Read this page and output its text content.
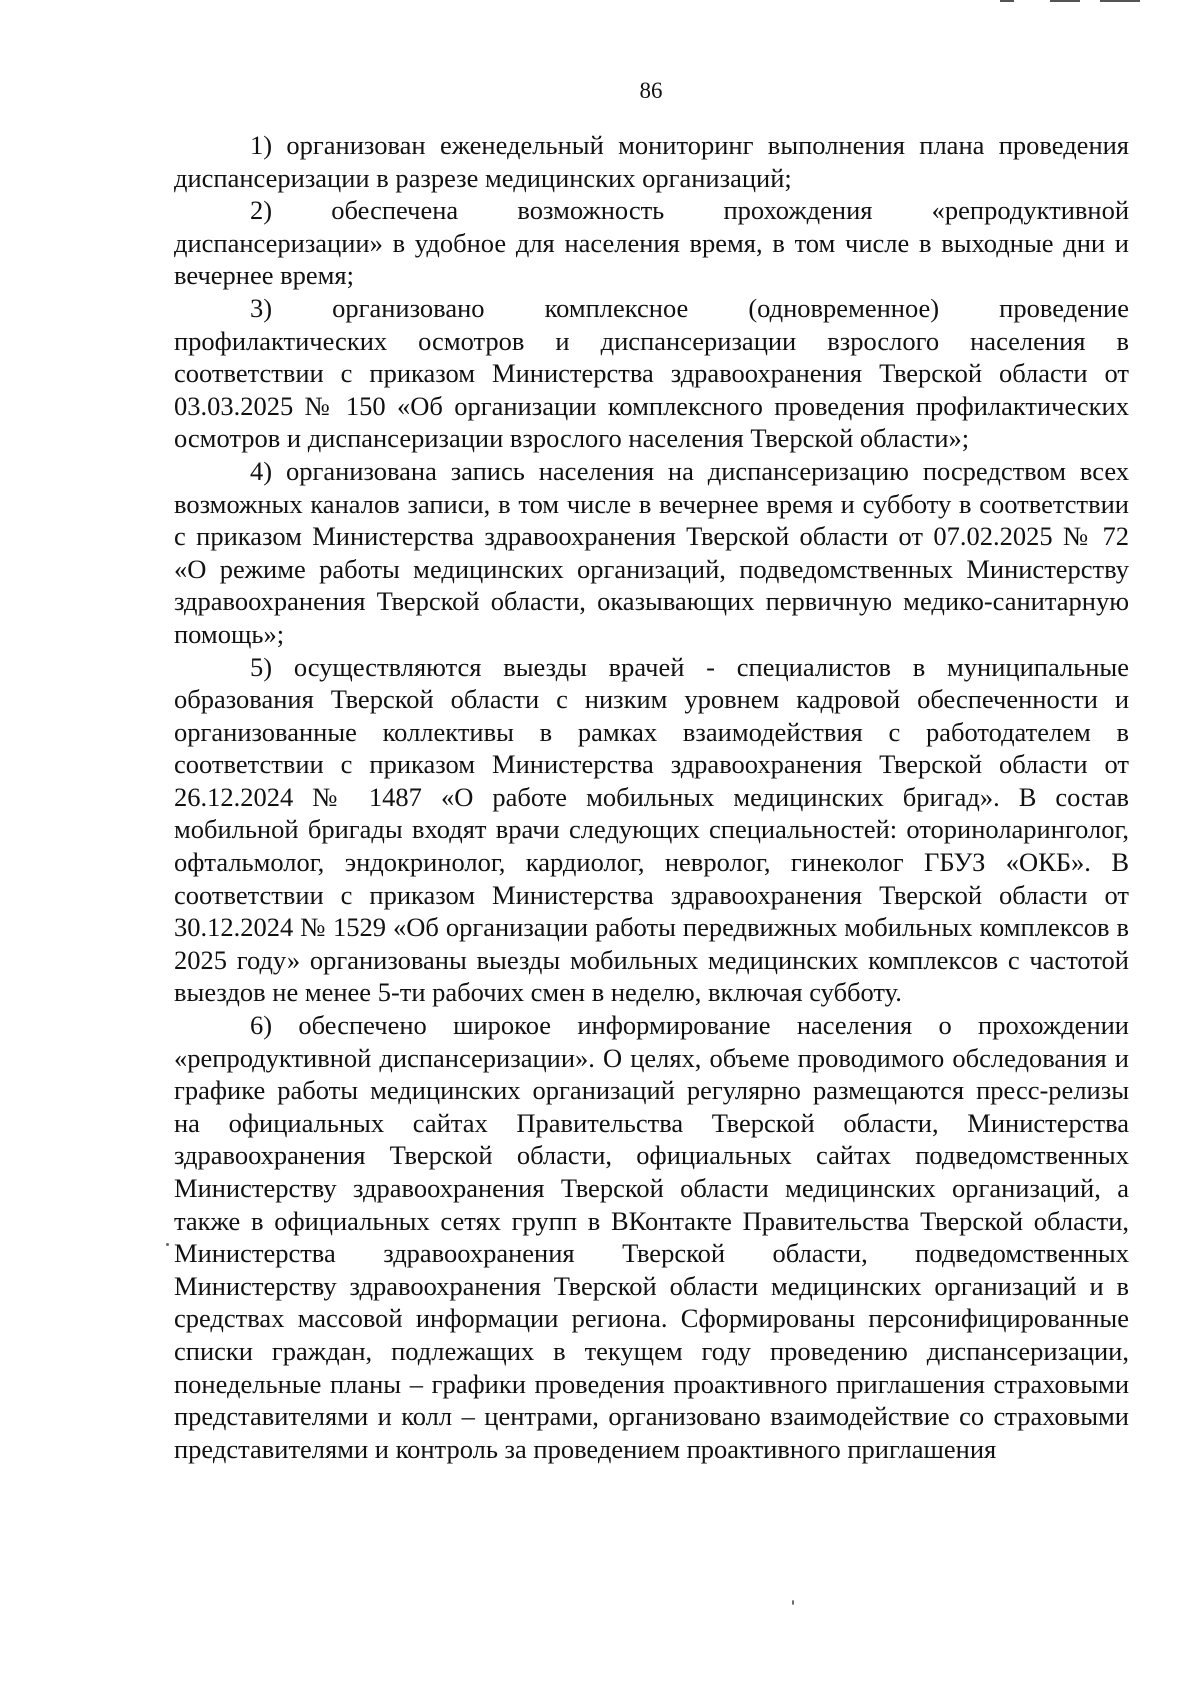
86

1) организован еженедельный мониторинг выполнения плана проведения диспансеризации в разрезе медицинских организаций;

2) обеспечена возможность прохождения «репродуктивной диспансеризации» в удобное для населения время, в том числе в выходные дни и вечернее время;

3) организовано комплексное (одновременное) проведение профилактических осмотров и диспансеризации взрослого населения в соответствии с приказом Министерства здравоохранения Тверской области от 03.03.2025 № 150 «Об организации комплексного проведения профилактических осмотров и диспансеризации взрослого населения Тверской области»;

4) организована запись населения на диспансеризацию посредством всех возможных каналов записи, в том числе в вечернее время и субботу в соответствии с приказом Министерства здравоохранения Тверской области от 07.02.2025 № 72 «О режиме работы медицинских организаций, подведомственных Министерству здравоохранения Тверской области, оказывающих первичную медико-санитарную помощь»;

5) осуществляются выезды врачей - специалистов в муниципальные образования Тверской области с низким уровнем кадровой обеспеченности и организованные коллективы в рамках взаимодействия с работодателем в соответствии с приказом Министерства здравоохранения Тверской области от 26.12.2024 № 1487 «О работе мобильных медицинских бригад». В состав мобильной бригады входят врачи следующих специальностей: оториноларинголог, офтальмолог, эндокринолог, кардиолог, невролог, гинеколог ГБУЗ «ОКБ». В соответствии с приказом Министерства здравоохранения Тверской области от 30.12.2024 № 1529 «Об организации работы передвижных мобильных комплексов в 2025 году» организованы выезды мобильных медицинских комплексов с частотой выездов не менее 5-ти рабочих смен в неделю, включая субботу.

6) обеспечено широкое информирование населения о прохождении «репродуктивной диспансеризации». О целях, объеме проводимого обследования и графике работы медицинских организаций регулярно размещаются пресс-релизы на официальных сайтах Правительства Тверской области, Министерства здравоохранения Тверской области, официальных сайтах подведомственных Министерству здравоохранения Тверской области медицинских организаций, а также в официальных сетях групп в ВКонтакте Правительства Тверской области, Министерства здравоохранения Тверской области, подведомственных Министерству здравоохранения Тверской области медицинских организаций и в средствах массовой информации региона. Сформированы персонифицированные списки граждан, подлежащих в текущем году проведению диспансеризации, понедельные планы – графики проведения проактивного приглашения страховыми представителями и колл – центрами, организовано взаимодействие со страховыми представителями и контроль за проведением проактивного приглашения
